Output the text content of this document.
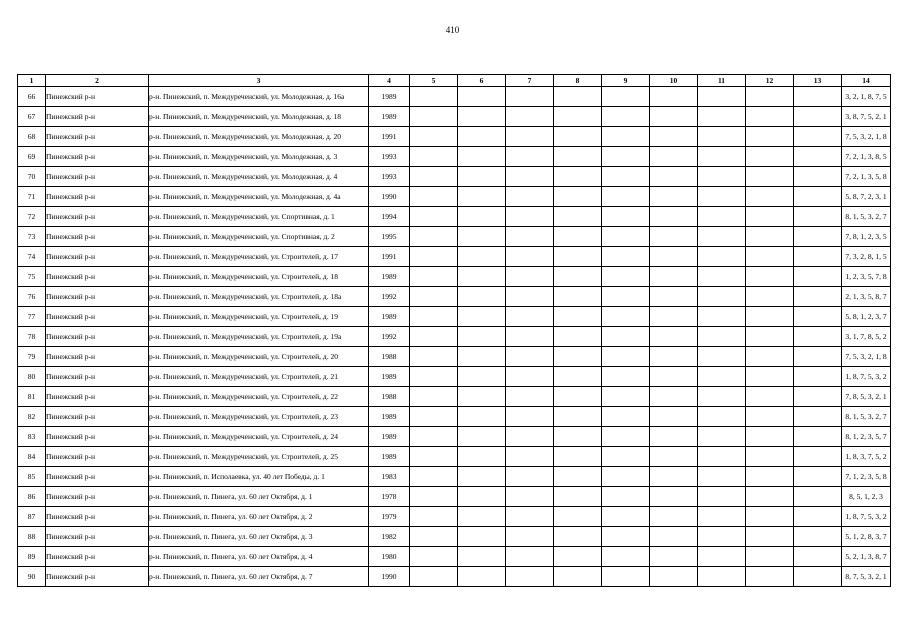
410
1	2	3	4	5	6	7	8	9	10	11	12	13	14
66	Пинежский р-н	р-н. Пинежский, п. Междуреченский, ул. Молодежная, д. 16а	1989										3, 2, 1, 8, 7, 5
67	Пинежский р-н	р-н. Пинежский, п. Междуреченский, ул. Молодежная, д. 18	1989										3, 8, 7, 5, 2, 1
68	Пинежский р-н	р-н. Пинежский, п. Междуреченский, ул. Молодежная, д. 20	1991										7, 5, 3, 2, 1, 8
69	Пинежский р-н	р-н. Пинежский, п. Междуреченский, ул. Молодежная, д. 3	1993										7, 2, 1, 3, 8, 5
70	Пинежский р-н	р-н. Пинежский, п. Междуреченский, ул. Молодежная, д. 4	1993										7, 2, 1, 3, 5, 8
71	Пинежский р-н	р-н. Пинежский, п. Междуреченский, ул. Молодежная, д. 4а	1990										5, 8, 7, 2, 3, 1
72	Пинежский р-н	р-н. Пинежский, п. Междуреченский, ул. Спортивная, д. 1	1994										8, 1, 5, 3, 2, 7
73	Пинежский р-н	р-н. Пинежский, п. Междуреченский, ул. Спортивная, д. 2	1995										7, 8, 1, 2, 3, 5
74	Пинежский р-н	р-н. Пинежский, п. Междуреченский, ул. Строителей, д. 17	1991										7, 3, 2, 8, 1, 5
75	Пинежский р-н	р-н. Пинежский, п. Междуреченский, ул. Строителей, д. 18	1989										1, 2, 3, 5, 7, 8
76	Пинежский р-н	р-н. Пинежский, п. Междуреченский, ул. Строителей, д. 18а	1992										2, 1, 3, 5, 8, 7
77	Пинежский р-н	р-н. Пинежский, п. Междуреченский, ул. Строителей, д. 19	1989										5, 8, 1, 2, 3, 7
78	Пинежский р-н	р-н. Пинежский, п. Междуреченский, ул. Строителей, д. 19а	1992										3, 1, 7, 8, 5, 2
79	Пинежский р-н	р-н. Пинежский, п. Междуреченский, ул. Строителей, д. 20	1988										7, 5, 3, 2, 1, 8
80	Пинежский р-н	р-н. Пинежский, п. Междуреченский, ул. Строителей, д. 21	1989										1, 8, 7, 5, 3, 2
81	Пинежский р-н	р-н. Пинежский, п. Междуреченский, ул. Строителей, д. 22	1988										7, 8, 5, 3, 2, 1
82	Пинежский р-н	р-н. Пинежский, п. Междуреченский, ул. Строителей, д. 23	1989										8, 1, 5, 3, 2, 7
83	Пинежский р-н	р-н. Пинежский, п. Междуреченский, ул. Строителей, д. 24	1989										8, 1, 2, 3, 5, 7
84	Пинежский р-н	р-н. Пинежский, п. Междуреченский, ул. Строителей, д. 25	1989										1, 8, 3, 7, 5, 2
85	Пинежский р-н	р-н. Пинежский, п. Исполаевка, ул. 40 лет Победы, д. 1	1983										7, 1, 2, 3, 5, 8
86	Пинежский р-н	р-н. Пинежский, п. Пинега, ул. 60 лет Октября, д. 1	1978										8, 5, 1, 2, 3
87	Пинежский р-н	р-н. Пинежский, п. Пинега, ул. 60 лет Октября, д. 2	1979										1, 8, 7, 5, 3, 2
88	Пинежский р-н	р-н. Пинежский, п. Пинега, ул. 60 лет Октября, д. 3	1982										5, 1, 2, 8, 3, 7
89	Пинежский р-н	р-н. Пинежский, п. Пинега, ул. 60 лет Октября, д. 4	1980										5, 2, 1, 3, 8, 7
90	Пинежский р-н	р-н. Пинежский, п. Пинега, ул. 60 лет Октября, д. 7	1990										8, 7, 5, 3, 2, 1
